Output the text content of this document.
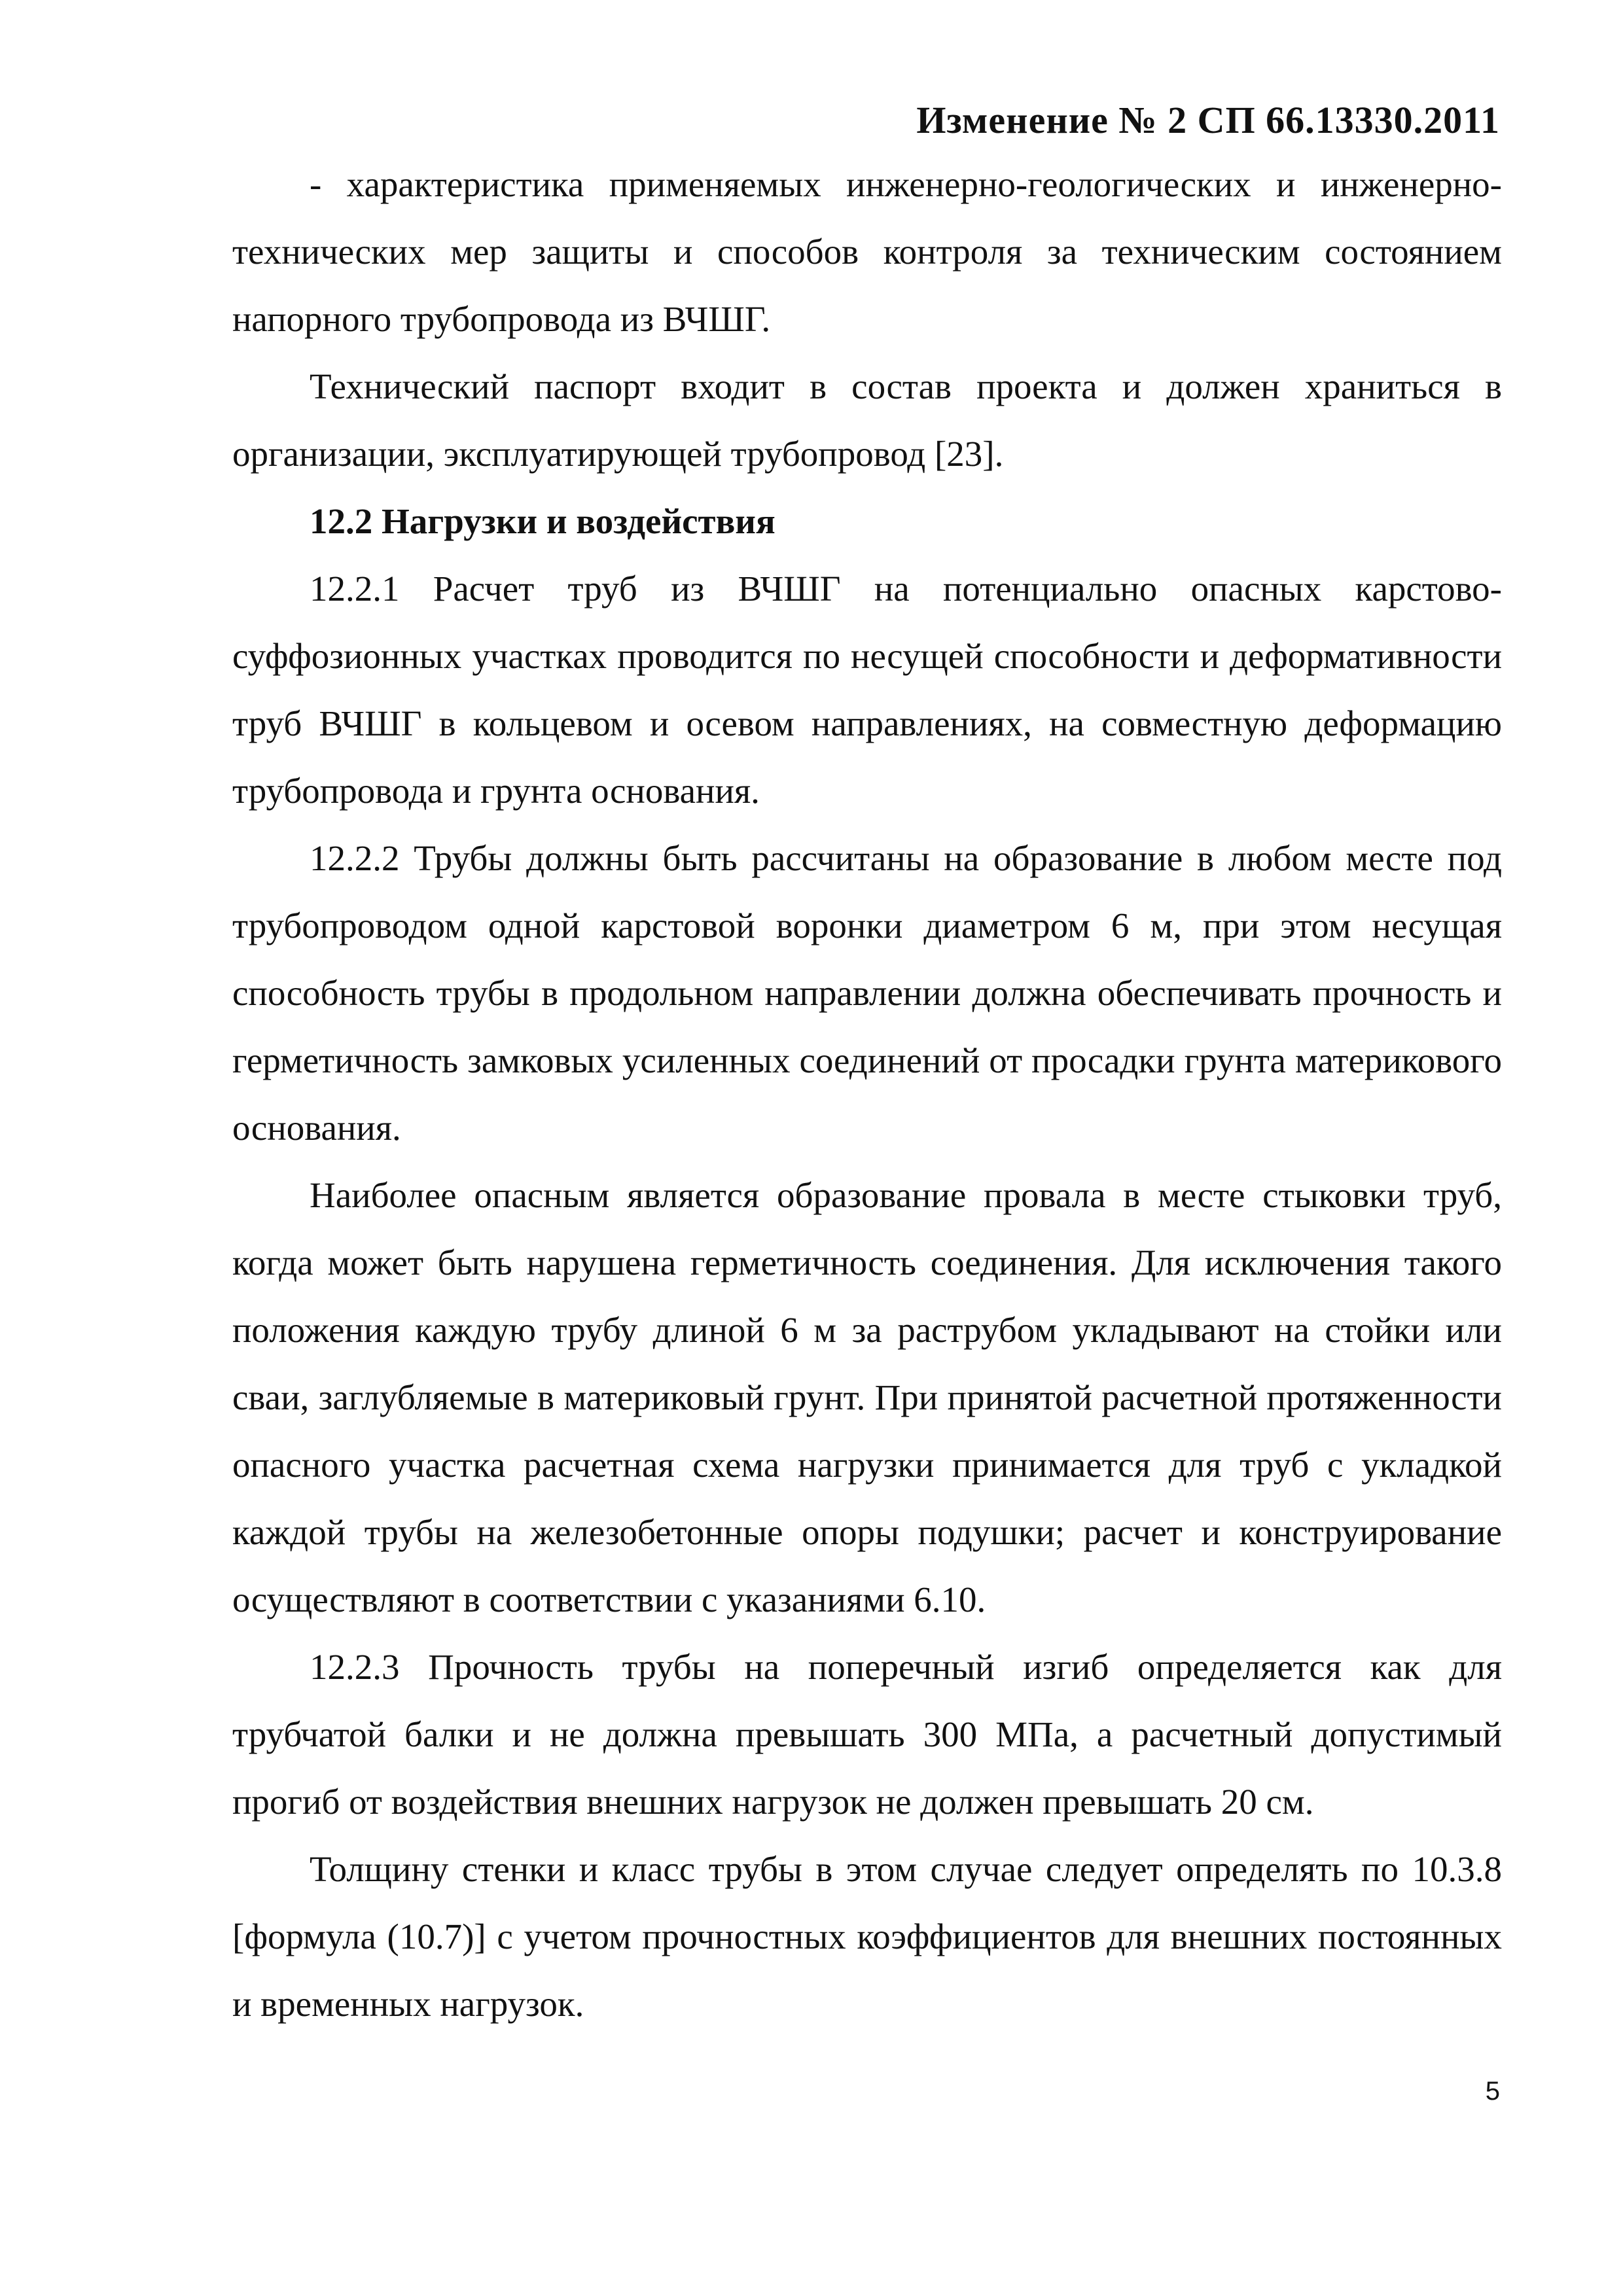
Изменение № 2 СП 66.13330.2011

- характеристика применяемых инженерно-геологических и инженерно-технических мер защиты и способов контроля за техническим состоянием напорного трубопровода из ВЧШГ.

Технический паспорт входит в состав проекта и должен храниться в организации, эксплуатирующей трубопровод [23].

12.2 Нагрузки и воздействия

12.2.1 Расчет труб из ВЧШГ на потенциально опасных карстово-суффозионных участках проводится по несущей способности и деформативности труб ВЧШГ в кольцевом и осевом направлениях, на совместную деформацию трубопровода и грунта основания.

12.2.2 Трубы должны быть рассчитаны на образование в любом месте под трубопроводом одной карстовой воронки диаметром 6 м, при этом несущая способность трубы в продольном направлении должна обеспечивать прочность и герметичность замковых усиленных соединений от просадки грунта материкового основания.

Наиболее опасным является образование провала в месте стыковки труб, когда может быть нарушена герметичность соединения. Для исключения такого положения каждую трубу длиной 6 м за раструбом укладывают на стойки или сваи, заглубляемые в материковый грунт. При принятой расчетной протяженности опасного участка расчетная схема нагрузки принимается для труб с укладкой каждой трубы на железобетонные опоры подушки; расчет и конструирование осуществляют в соответствии с указаниями 6.10.

12.2.3 Прочность трубы на поперечный изгиб определяется как для трубчатой балки и не должна превышать 300 МПа, а расчетный допустимый прогиб от воздействия внешних нагрузок не должен превышать 20 см.

Толщину стенки и класс трубы в этом случае следует определять по 10.3.8 [формула (10.7)] с учетом прочностных коэффициентов для внешних постоянных и временных нагрузок.

5
